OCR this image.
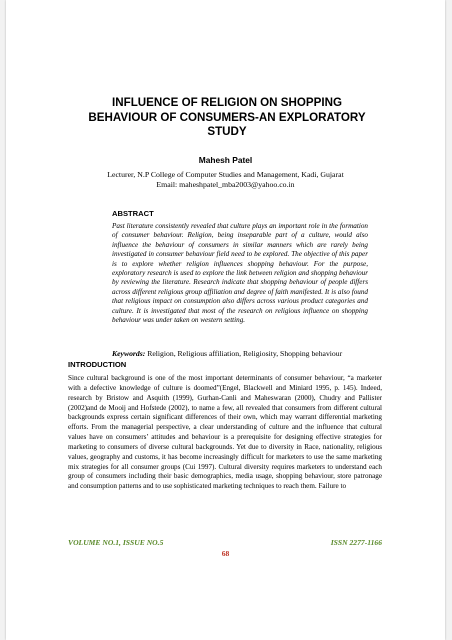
INFLUENCE OF RELIGION ON SHOPPING BEHAVIOUR OF CONSUMERS-AN EXPLORATORY STUDY
Mahesh Patel
Lecturer, N.P College of Computer Studies and Management, Kadi, Gujarat
Email: maheshpatel_mba2003@yahoo.co.in
ABSTRACT

Past literature consistently revealed that culture plays an important role in the formation of consumer behaviour. Religion, being inseparable part of a culture, would also influence the behaviour of consumers in similar manners which are rarely being investigated in consumer behaviour field need to be explored. The objective of this paper is to explore whether religion influences shopping behaviour. For the purpose, exploratory research is used to explore the link between religion and shopping behaviour by reviewing the literature. Research indicate that shopping behaviour of people differs across different religious group affiliation and degree of faith manifested. It is also found that religious impact on consumption also differs across various product categories and culture. It is investigated that most of the research on religious influence on shopping behaviour was under taken on western setting.

Keywords: Religion, Religious affiliation, Religiosity, Shopping behaviour
INTRODUCTION

Since cultural background is one of the most important determinants of consumer behaviour, “a marketer with a defective knowledge of culture is doomed”(Engel, Blackwell and Miniard 1995, p. 145). Indeed, research by Bristow and Asquith (1999), Gurhan-Canli and Maheswaran (2000), Chudry and Pallister (2002)and de Mooij and Hofstede (2002), to name a few, all revealed that consumers from different cultural backgrounds express certain significant differences of their own, which may warrant differential marketing efforts. From the managerial perspective, a clear understanding of culture and the influence that cultural values have on consumers’ attitudes and behaviour is a prerequisite for designing effective strategies for marketing to consumers of diverse cultural backgrounds. Yet due to diversity in Race, nationality, religious values, geography and customs, it has become increasingly difficult for marketers to use the same marketing mix strategies for all consumer groups (Cui 1997). Cultural diversity requires marketers to understand each group of consumers including their basic demographics, media usage, shopping behaviour, store patronage and consumption patterns and to use sophisticated marketing techniques to reach them. Failure to

VOLUME NO.1, ISSUE NO.5	ISSN 2277-1166
68
